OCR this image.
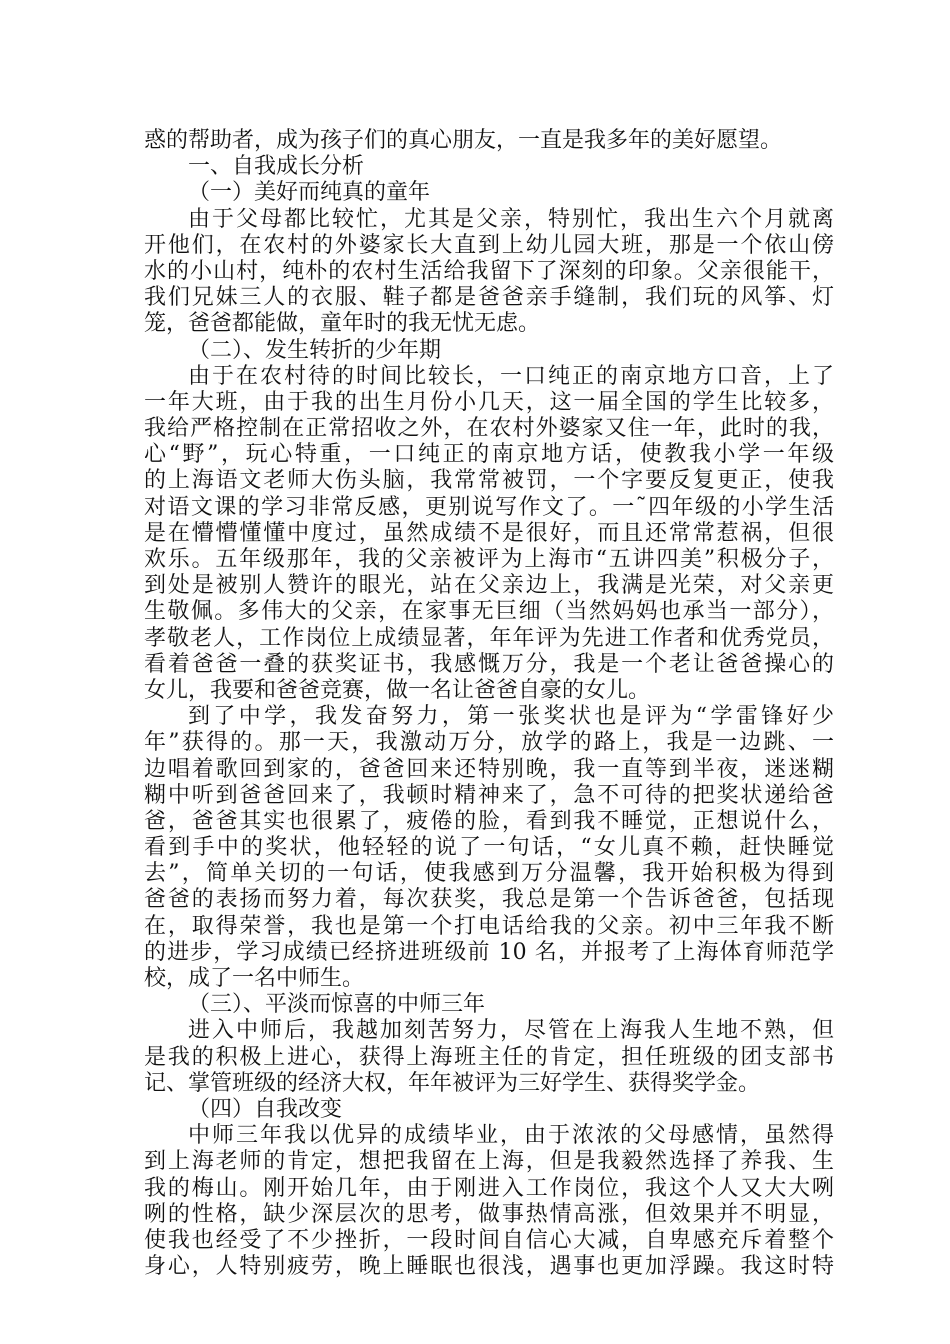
惑的帮助者，成为孩子们的真心朋友，一直是我多年的美好愿望。
一、自我成长分析
（一）美好而纯真的童年
由于父母都比较忙，尤其是父亲，特别忙，我出生六个月就离
开他们，在农村的外婆家长大直到上幼儿园大班，那是一个依山傍
水的小山村，纯朴的农村生活给我留下了深刻的印象。父亲很能干，
我们兄妹三人的衣服、鞋子都是爸爸亲手缝制，我们玩的风筝、灯
笼，爸爸都能做，童年时的我无忧无虑。
（二）、发生转折的少年期
由于在农村待的时间比较长，一口纯正的南京地方口音，上了
一年大班，由于我的出生月份小几天，这一届全国的学生比较多，
我给严格控制在正常招收之外，在农村外婆家又住一年，此时的我，
心“野”，玩心特重，一口纯正的南京地方话，使教我小学一年级
的上海语文老师大伤头脑，我常常被罚，一个字要反复更正，使我
对语文课的学习非常反感，更别说写作文了。一˜四年级的小学生活
是在懵懵懂懂中度过，虽然成绩不是很好，而且还常常惹祸，但很
欢乐。五年级那年，我的父亲被评为上海市“五讲四美”积极分子，
到处是被别人赞许的眼光，站在父亲边上，我满是光荣，对父亲更
生敬佩。多伟大的父亲，在家事无巨细（当然妈妈也承当一部分），
孝敬老人，工作岗位上成绩显著，年年评为先进工作者和优秀党员，
看着爸爸一叠的获奖证书，我感慨万分，我是一个老让爸爸操心的
女儿，我要和爸爸竞赛，做一名让爸爸自豪的女儿。
到了中学，我发奋努力，第一张奖状也是评为“学雷锋好少
年”获得的。那一天，我激动万分，放学的路上，我是一边跳、一
边唱着歌回到家的，爸爸回来还特别晚，我一直等到半夜，迷迷糊
糊中听到爸爸回来了，我顿时精神来了，急不可待的把奖状递给爸
爸，爸爸其实也很累了，疲倦的脸，看到我不睡觉，正想说什么，
看到手中的奖状，他轻轻的说了一句话，“女儿真不赖，赶快睡觉
去”，简单关切的一句话，使我感到万分温馨，我开始积极为得到
爸爸的表扬而努力着，每次获奖，我总是第一个告诉爸爸，包括现
在，取得荣誉，我也是第一个打电话给我的父亲。初中三年我不断
的进步，学习成绩已经挤进班级前 10 名，并报考了上海体育师范学
校，成了一名中师生。
（三）、平淡而惊喜的中师三年
进入中师后，我越加刻苦努力，尽管在上海我人生地不熟，但
是我的积极上进心，获得上海班主任的肯定，担任班级的团支部书
记、掌管班级的经济大权，年年被评为三好学生、获得奖学金。
（四）自我改变
中师三年我以优异的成绩毕业，由于浓浓的父母感情，虽然得
到上海老师的肯定，想把我留在上海，但是我毅然选择了养我、生
我的梅山。刚开始几年，由于刚进入工作岗位，我这个人又大大咧
咧的性格，缺少深层次的思考，做事热情高涨，但效果并不明显，
使我也经受了不少挫折，一段时间自信心大减，自卑感充斥着整个
身心，人特别疲劳，晚上睡眠也很浅，遇事也更加浮躁。我这时特
